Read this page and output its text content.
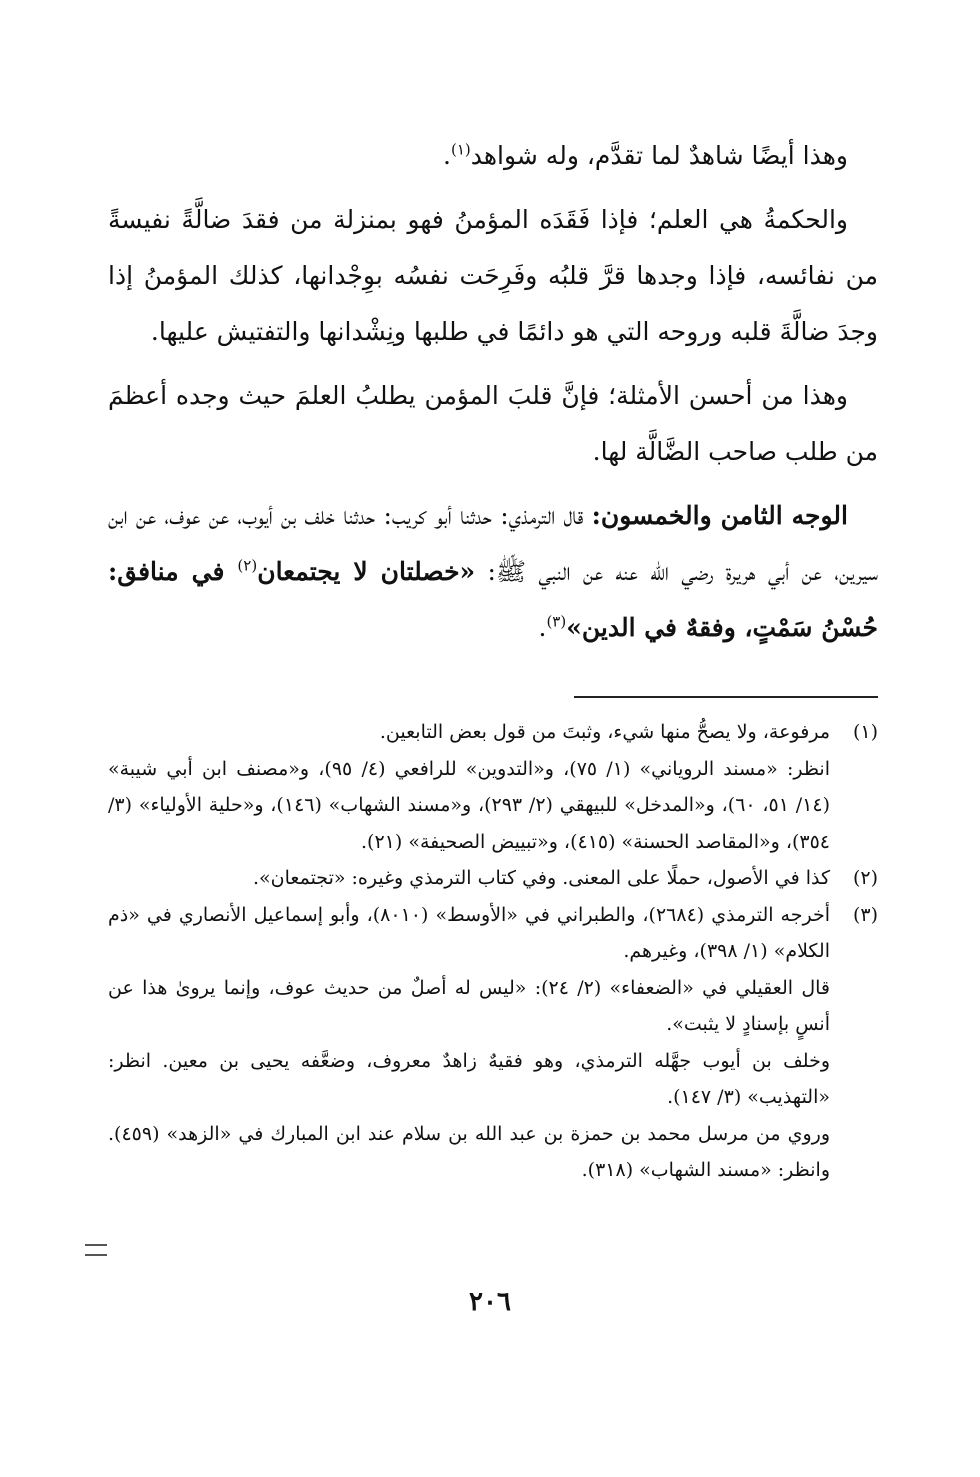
وهذا أيضًا شاهدٌ لما تقدَّم، وله شواهد$^{(١)}$.

والحكمةُ هي العلم؛ فإذا فَقَدَه المؤمنُ فهو بمنزلة من فقدَ ضالَّةً نفيسةً من نفائسه، فإذا وجدها قرَّ قلبُه وفَرِحَت نفسُه بوِجْدانها، كذلك المؤمنُ إذا وجدَ ضالَّةَ قلبه وروحه التي هو دائمًا في طلبها ونِشْدانها والتفتيش عليها.

وهذا من أحسن الأمثلة؛ فإنَّ قلبَ المؤمن يطلبُ العلمَ حيث وجده أعظمَ من طلب صاحب الضَّالَّة لها.

الوجه الثامن والخمسون: قال الترمذي: حدثنا أبو كريب: حدثنا خلف بن أيوب، عن عوف، عن ابن سيرين، عن أبي هريرة رضي الله عنه عن النبي ﷺ: «خصلتان لا يجتمعان$^{(٢)}$ في منافق: حُسْنُ سَمْتٍ، وفقهٌ في الدين»$^{(٣)}$.

(١)
مرفوعة، ولا يصحُّ منها شيء، وثبتَ من قول بعض التابعين.
انظر: «مسند الروياني» (١/ ٧٥)، و«التدوين» للرافعي (٤/ ٩٥)، و«مصنف ابن أبي شيبة» (١٤/ ٥١، ٦٠)، و«المدخل» للبيهقي (٢/ ٢٩٣)، و«مسند الشهاب» (١٤٦)، و«حلية الأولياء» (٣/ ٣٥٤)، و«المقاصد الحسنة» (٤١٥)، و«تبييض الصحيفة» (٢١).
(٢)
كذا في الأصول، حملًا على المعنى. وفي كتاب الترمذي وغيره: «تجتمعان».
(٣)
أخرجه الترمذي (٢٦٨٤)، والطبراني في «الأوسط» (٨٠١٠)، وأبو إسماعيل الأنصاري في «ذم الكلام» (١/ ٣٩٨)، وغيرهم.
قال العقيلي في «الضعفاء» (٢/ ٢٤): «ليس له أصلٌ من حديث عوف، وإنما يروىٰ هذا عن أنسٍ بإسنادٍ لا يثبت».
وخلف بن أيوب جهَّله الترمذي، وهو فقيهٌ زاهدٌ معروف، وضعَّفه يحيى بن معين. انظر: «التهذيب» (٣/ ١٤٧).
وروي من مرسل محمد بن حمزة بن عبد الله بن سلام عند ابن المبارك في «الزهد» (٤٥٩). وانظر: «مسند الشهاب» (٣١٨).
٢٠٦
